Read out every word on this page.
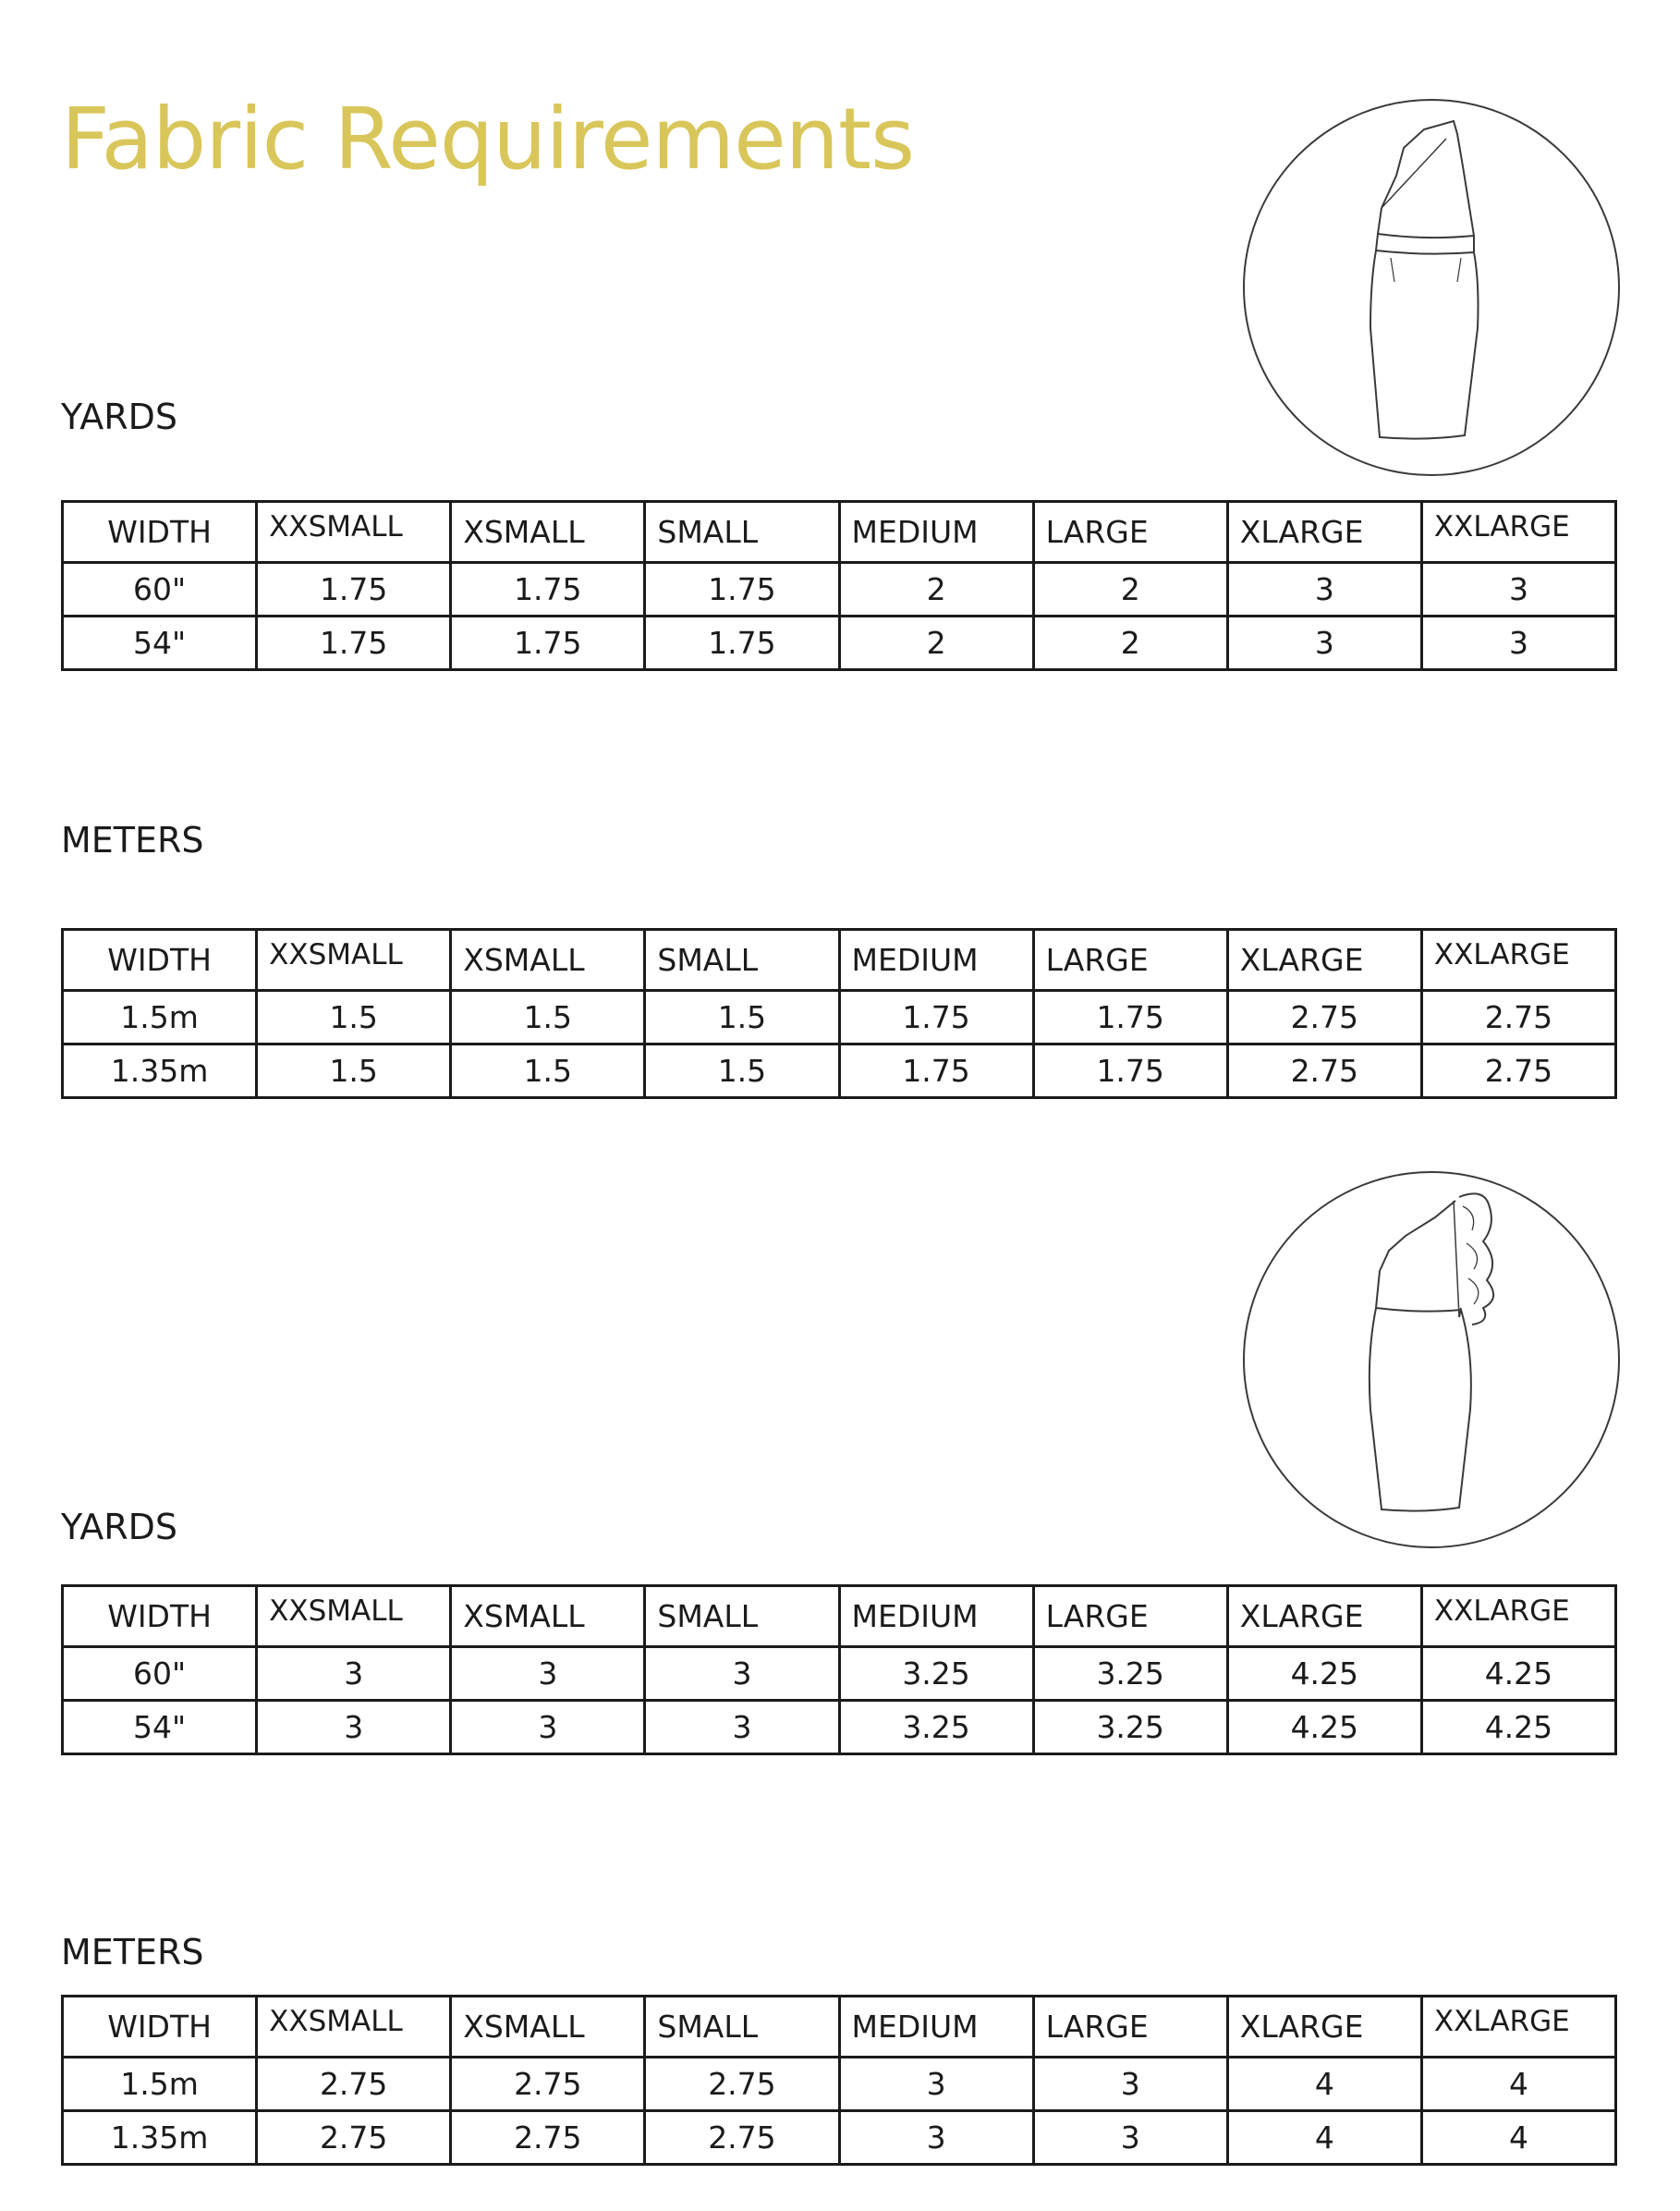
Fabric Requirements
YARDS
WIDTH	XXSMALL	XSMALL	SMALL	MEDIUM	LARGE	XLARGE	XXLARGE
60"	1.75	1.75	1.75	2	2	3	3
54"	1.75	1.75	1.75	2	2	3	3
METERS
WIDTH	XXSMALL	XSMALL	SMALL	MEDIUM	LARGE	XLARGE	XXLARGE
1.5m	1.5	1.5	1.5	1.75	1.75	2.75	2.75
1.35m	1.5	1.5	1.5	1.75	1.75	2.75	2.75
YARDS
WIDTH	XXSMALL	XSMALL	SMALL	MEDIUM	LARGE	XLARGE	XXLARGE
60"	3	3	3	3.25	3.25	4.25	4.25
54"	3	3	3	3.25	3.25	4.25	4.25
METERS
WIDTH	XXSMALL	XSMALL	SMALL	MEDIUM	LARGE	XLARGE	XXLARGE
1.5m	2.75	2.75	2.75	3	3	4	4
1.35m	2.75	2.75	2.75	3	3	4	4
